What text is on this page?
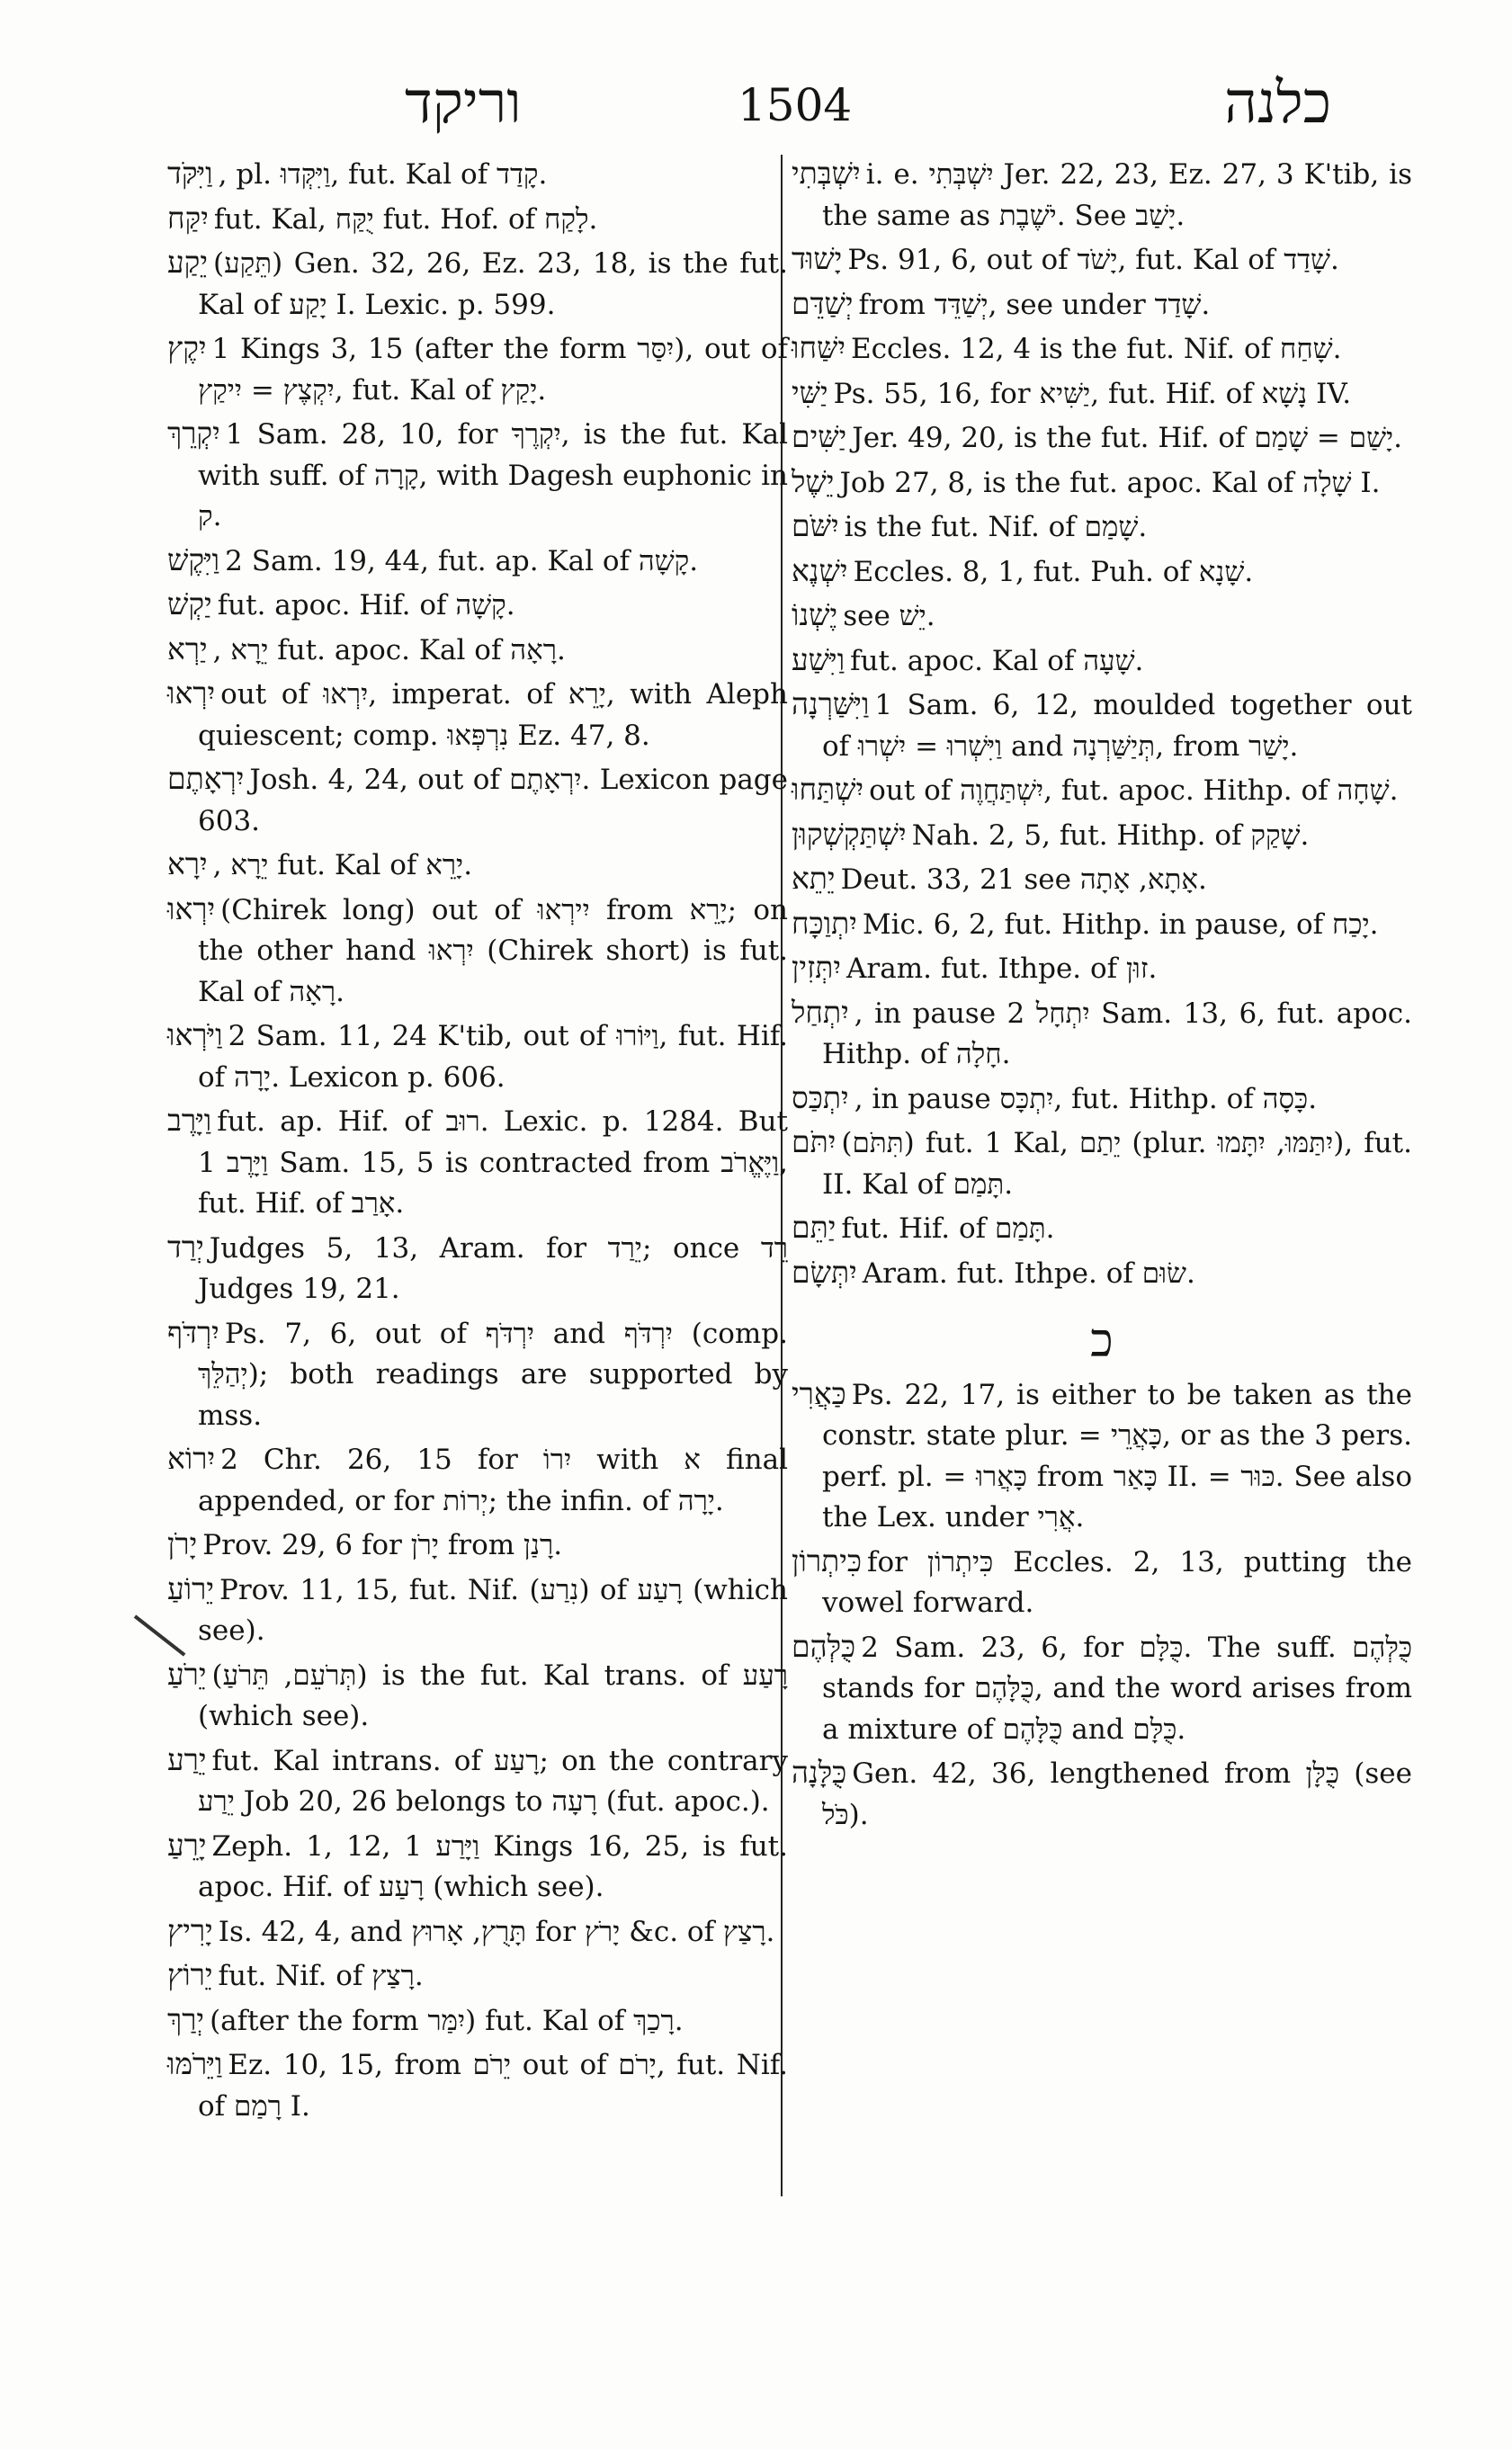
וריקד	1504	כלנה
וַיִּקֹּד , pl. וַיִּקְּדוּ, fut. Kal of קָדַד.
יִקַּח fut. Kal, יֻקַּח fut. Hof. of לָקַח.
יֵקַע (תֵּקַע) Gen. 32, 26, Ez. 23, 18, is the fut. Kal of יָקַע I. Lexic. p. 599.
יִקֶץ 1 Kings 3, 15 (after the form יִסַּר), out of יִקְצֶץ = יִיקַץ, fut. Kal of יָקַץ.
יִקְרֵךְ 1 Sam. 28, 10, for יִקְרֶךָ, is the fut. Kal with suff. of קָרָה, with Dagesh euphonic in ק.
וַיִּקֶשׁ 2 Sam. 19, 44, fut. ap. Kal of קָשָׁה.
יַקְשׁ fut. apoc. Hif. of קָשָׁה.
יַרְא , יֵרָא fut. apoc. Kal of רָאָה.
יִרְאוּ out of יִרְאוּ, imperat. of יָרֵא, with Aleph quiescent; comp. נִרְפְּאוּ Ez. 47, 8.
יִרְאָתֶם Josh. 4, 24, out of יִרְאָתֶם. Lexicon page 603.
יִרָא , יֵרָא fut. Kal of יָרֵא.
יִרְאוּ (Chirek long) out of יִירְאוּ from יָרֵא; on the other hand יִרְאוּ (Chirek short) is fut. Kal of רָאָה.
וַיֹּרְאוּ 2 Sam. 11, 24 K'tib, out of וַיּוֹרוּ, fut. Hif. of יָרָה. Lexicon p. 606.
וַיָּרֶב fut. ap. Hif. of רוּב. Lexic. p. 1284. But וַיָּרֶב 1 Sam. 15, 5 is contracted from וַיֶּאֱרֹב, fut. Hif. of אָרַב.
יְרַד Judges 5, 13, Aram. for יֵרַד; once רֵד Judges 19, 21.
יִרְדֹּף Ps. 7, 6, out of יִרְדֹּף and יִרְדֹּף (comp. יְהַלֵּךְ); both readings are supported by mss.
יִרוֹא 2 Chr. 26, 15 for יִרוֹ with א final appended, or for יְרוֹת; the infin. of יָרָה.
יָרֹן Prov. 29, 6 for יָרֹן from רָנַן.
יֵרוֹעַ Prov. 11, 15, fut. Nif. (נִרַע) of רָעַע (which see).
יֵרֹעַ (תְּרֹעֵם, תֵּרֹעַ) is the fut. Kal trans. of רָעַע (which see).
יֵרַע fut. Kal intrans. of רָעַע; on the contrary יֵרַע Job 20, 26 belongs to רָעָה (fut. apoc.).
יָרֵעַ Zeph. 1, 12, וַיָּרַע 1 Kings 16, 25, is fut. apoc. Hif. of רָעַע (which see).
יָרִיץ Is. 42, 4, and תָּרֻץ, אָרוּץ for יָרֹץ &c. of רָצַץ.
יֵרוֹץ fut. Nif. of רָצַץ.
יְרַךְ (after the form יִמַּר) fut. Kal of רָכַךְ.
וַיֵּרֹמּוּ Ez. 10, 15, from יֵרֹם out of יָרֹם, fut. Nif. of רָמַם I.
יִשְׁבְּתִי i. e. יִשְׁבְּתִי Jer. 22, 23, Ez. 27, 3 K'tib, is the same as יֹשֶׁבֶת. See יָשַׁב.
יָשׁוּד Ps. 91, 6, out of יָשֹׁד, fut. Kal of שָׁדַד.
יְשַׁדֵּם from יְשַׁדֵּד, see under שָׁדַד.
יִשַּׁחוּ Eccles. 12, 4 is the fut. Nif. of שָׁחַח.
יַשִּׁי Ps. 55, 16, for יַשִּׁיא, fut. Hif. of נָשָׁא IV.
יַשִּׁים Jer. 49, 20, is the fut. Hif. of יָשַׁם = שָׁמַם.
יֵשֶׁל Job 27, 8, is the fut. apoc. Kal of שָׁלָה I.
יִשֹּׁם is the fut. Nif. of שָׁמַם.
יִשְׁנֶא Eccles. 8, 1, fut. Puh. of שָׁנָא.
יֶשְׁנוֹ see יֵשׁ.
וַיִּשַׁע fut. apoc. Kal of שָׁעָה.
וַיִּשַּׁרְנָה 1 Sam. 6, 12, moulded together out of וַיִּשְׁרוּ = יִשְׁרוּ and תְּיַשַּׁרְנָה, from יָשַׁר.
יִשְׁתַּחוּ out of יִשְׁתַּחֲוֶה, fut. apoc. Hithp. of שָׁחָה.
יִשְׁתַּקְשְׁקוּן Nah. 2, 5, fut. Hithp. of שָׁקַק.
יֵתֵא Deut. 33, 21 see אָתָא, אָתָה.
יִתְוַכָּח Mic. 6, 2, fut. Hithp. in pause, of יָכַח.
יִתְּזִין Aram. fut. Ithpe. of זוּן.
יִתְחַל , in pause יִתְחָל 2 Sam. 13, 6, fut. apoc. Hithp. of חָלָה.
יִתְכַּס , in pause יִתְכָּס, fut. Hithp. of כָּסָה.
יִתֹּם (תִּתֹּם) fut. 1 Kal, יֵתַם (plur. יִתַּמּוּ, יִתָּמוּ), fut. II. Kal of תָּמַם.
יַתֵּם fut. Hif. of תָּמַם.
יִתְּשָׂם Aram. fut. Ithpe. of שׂוּם.
כ
כַּאֲרִי Ps. 22, 17, is either to be taken as the constr. state plur. = כָּאֲרֵי, or as the 3 pers. perf. pl. = כָּאֲרוּ from כָּאַר II. = כּוּר. See also the Lex. under אֲרִי.
כִּיתְרוֹן for כִּיתְרוֹן Eccles. 2, 13, putting the vowel forward.
כֻּלְּהֶם 2 Sam. 23, 6, for כֻּלָּם. The suff. כֻּלְּהֶם stands for כֻּלָּהֶם, and the word arises from a mixture of כֻּלָּהֶם and כֻּלָּם.
כֻּלָּנָה Gen. 42, 36, lengthened from כֻּלָּן (see כֹּל).
